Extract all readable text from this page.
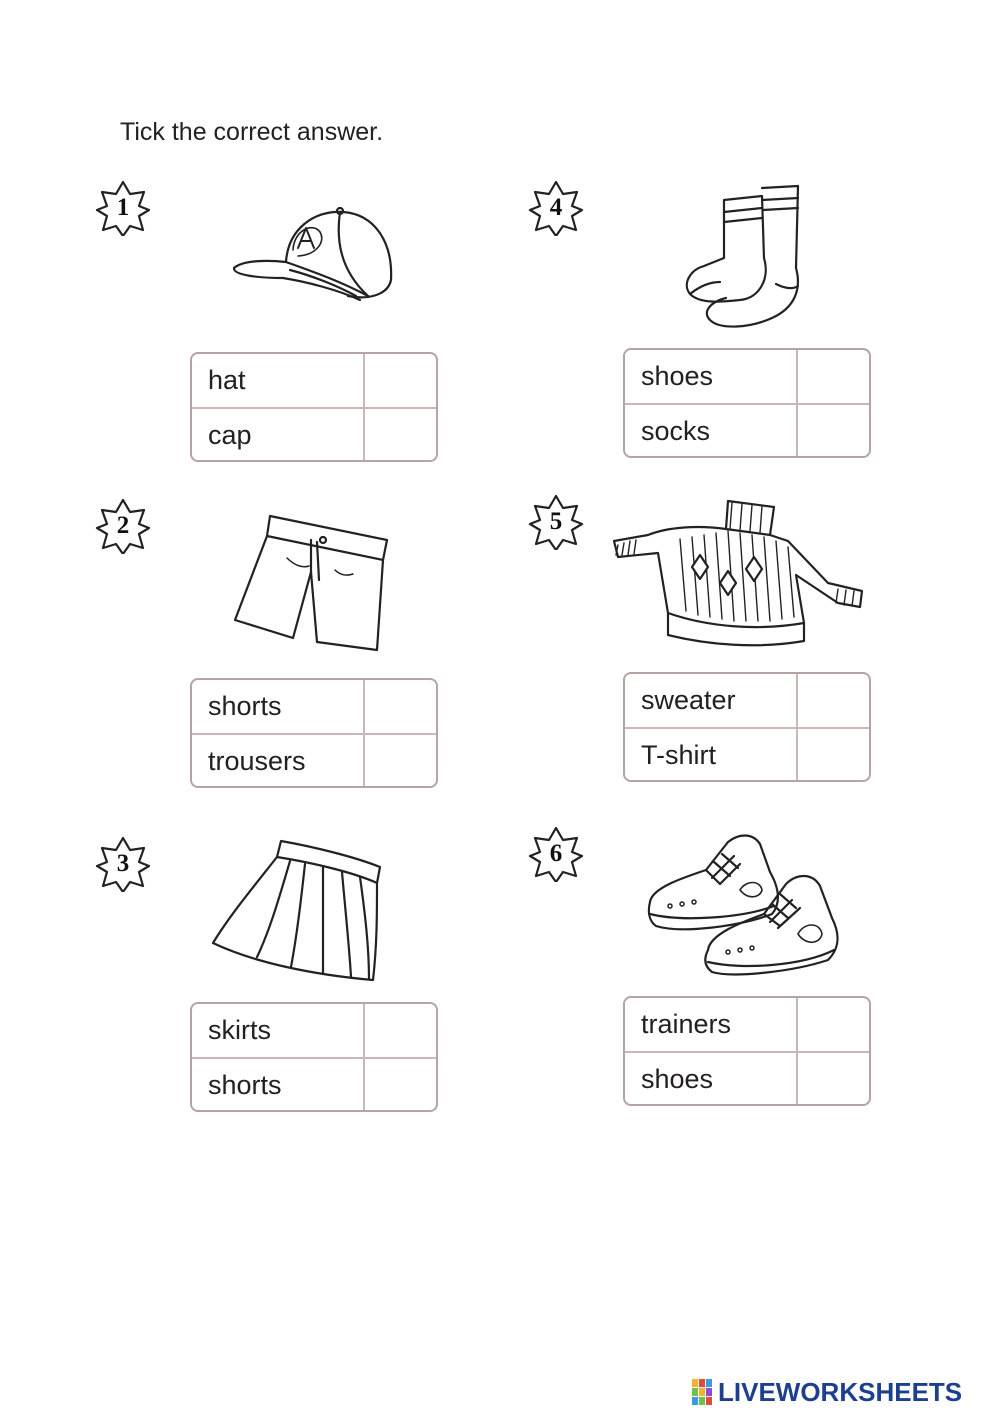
Tick the correct answer.
1
hat
cap
2
shorts
trousers
3
skirts
shorts
4
shoes
socks
5
sweater
T-shirt
6
trainers
shoes
LIVEWORKSHEETS
